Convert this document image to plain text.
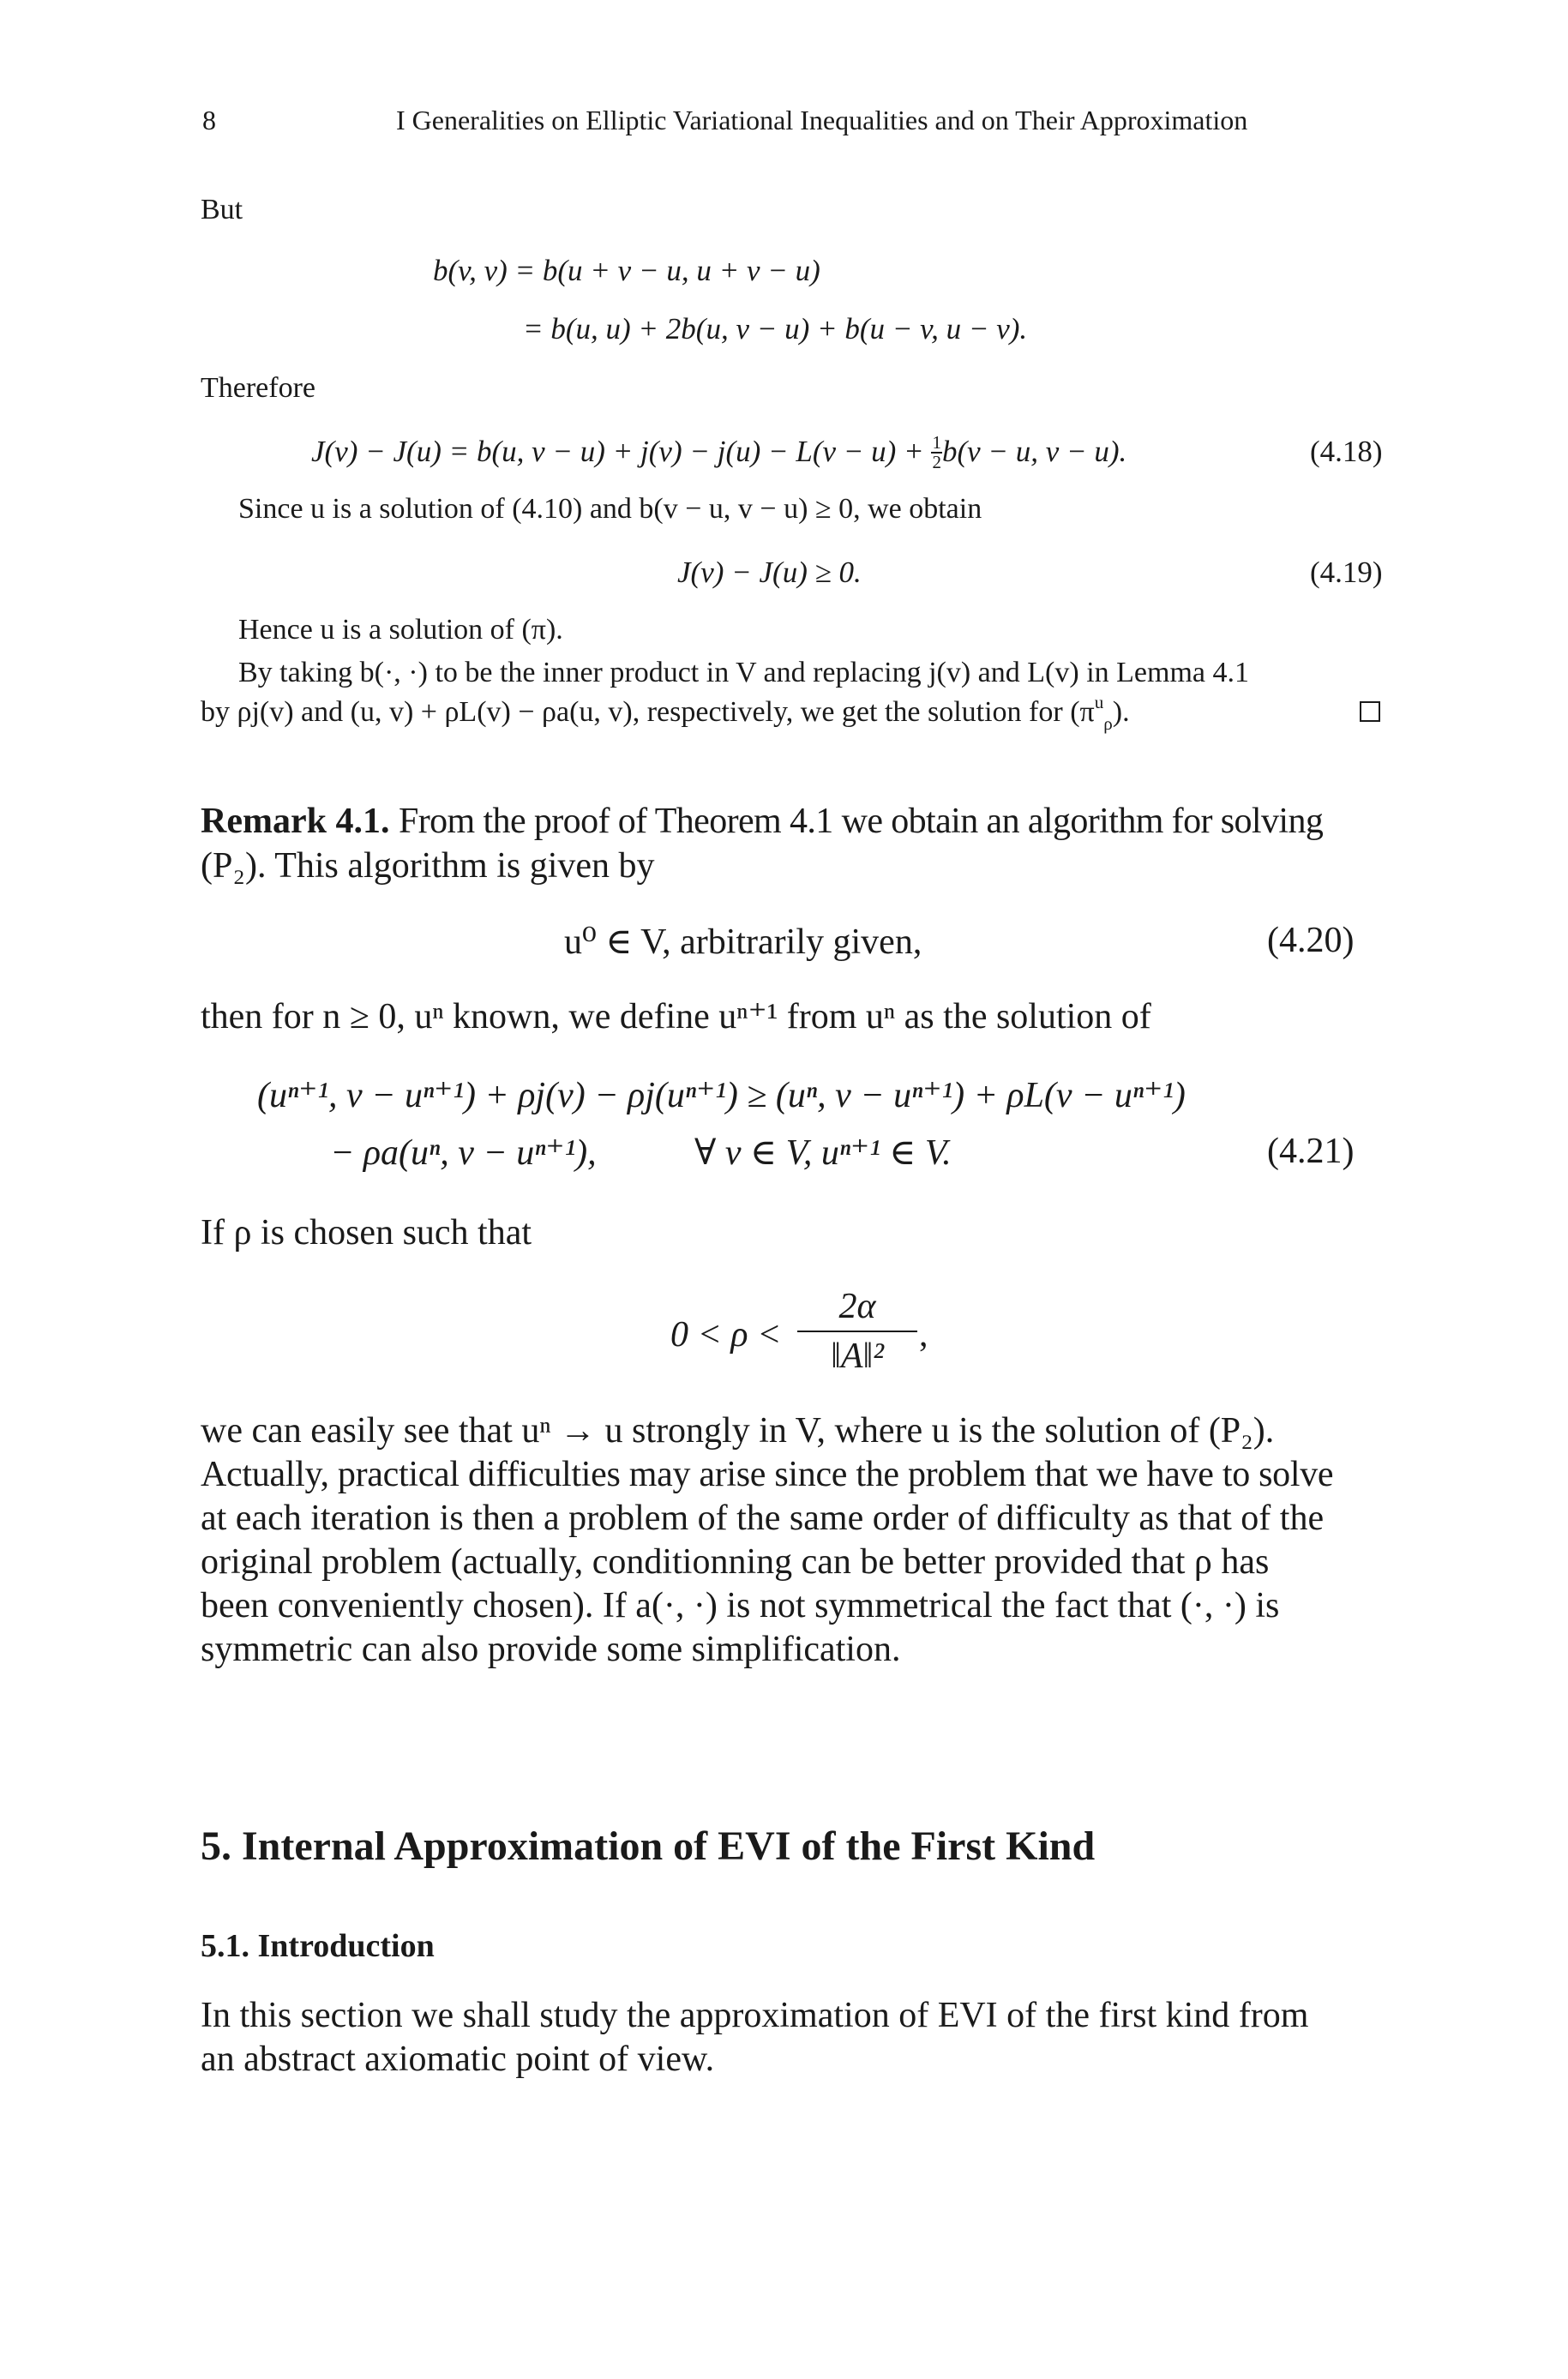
8	I Generalities on Elliptic Variational Inequalities and on Their Approximation
But
b(v, v) = b(u + v − u, u + v − u)
= b(u, u) + 2b(u, v − u) + b(u − v, u − v).
Therefore
J(v) − J(u) = b(u, $v - u) + j(v) - j(u) - L(v - u) + \frac{1}{2} b(v - u$, v − u).	(4.18)
Since u is a solution of (4.10) and b(v − u, v − u) ≥ 0, we obtain
J(v) − J(u) ≥ 0.	(4.19)
Hence u is a solution of (π).
By taking b(·, ·) to be the inner product in V and replacing j(v) and L(v) in Lemma 4.1
by ρj(v) and (u, v) + ρL(v) − ρa(u, v), respectively, we get the solution for $(\pi^u_\rho)$.
Remark 4.1. From the proof of Theorem 4.1 we obtain an algorithm for solving
(P₂). This algorithm is given by
u⁰ ∈ V, arbitrarily given,	(4.20)
then for n ≥ 0, uⁿ known, we define uⁿ⁺¹ from uⁿ as the solution of
(uⁿ⁺¹, v − uⁿ⁺¹) + ρj(v) − ρj(uⁿ⁺¹) ≥ (uⁿ, v − uⁿ⁺¹) + ρL(v − uⁿ⁺¹)
− ρa(uⁿ, v − uⁿ⁺¹),	∀ v ∈ V, uⁿ⁺¹ ∈ V.	(4.21)
If ρ is chosen such that
$0 < \rho < \frac{2\alpha}{\text{‖A‖²}}$ ,
we can easily see that uⁿ → u strongly in V, where u is the solution of (P₂).
Actually, practical difficulties may arise since the problem that we have to solve
at each iteration is then a problem of the same order of difficulty as that of the
original problem (actually, conditionning can be better provided that ρ has
been conveniently chosen). If a(·, ·) is not symmetrical the fact that (·, ·) is
symmetric can also provide some simplification.
5. Internal Approximation of EVI of the First Kind
5.1. Introduction
In this section we shall study the approximation of EVI of the first kind from
an abstract axiomatic point of view.
